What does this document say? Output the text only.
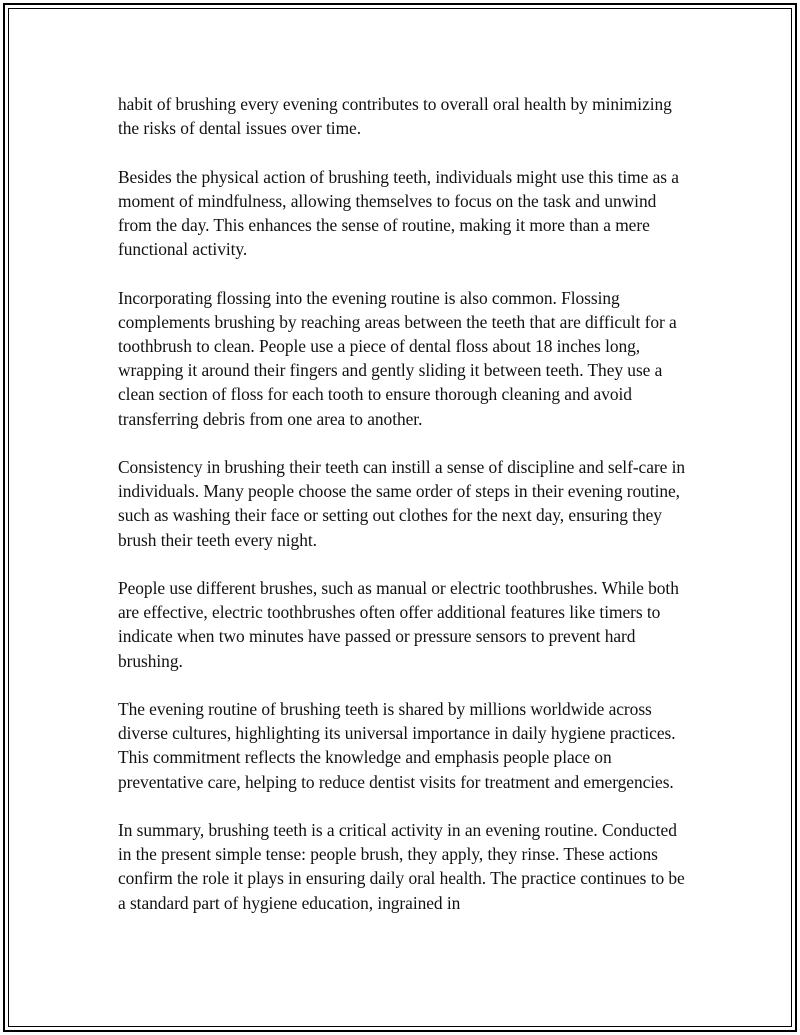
habit of brushing every evening contributes to overall oral health by minimizing the risks of dental issues over time.

Besides the physical action of brushing teeth, individuals might use this time as a moment of mindfulness, allowing themselves to focus on the task and unwind from the day. This enhances the sense of routine, making it more than a mere functional activity.

Incorporating flossing into the evening routine is also common. Flossing complements brushing by reaching areas between the teeth that are difficult for a toothbrush to clean. People use a piece of dental floss about 18 inches long, wrapping it around their fingers and gently sliding it between teeth. They use a clean section of floss for each tooth to ensure thorough cleaning and avoid transferring debris from one area to another.

Consistency in brushing their teeth can instill a sense of discipline and self-care in individuals. Many people choose the same order of steps in their evening routine, such as washing their face or setting out clothes for the next day, ensuring they brush their teeth every night.

People use different brushes, such as manual or electric toothbrushes. While both are effective, electric toothbrushes often offer additional features like timers to indicate when two minutes have passed or pressure sensors to prevent hard brushing.

The evening routine of brushing teeth is shared by millions worldwide across diverse cultures, highlighting its universal importance in daily hygiene practices. This commitment reflects the knowledge and emphasis people place on preventative care, helping to reduce dentist visits for treatment and emergencies.

In summary, brushing teeth is a critical activity in an evening routine. Conducted in the present simple tense: people brush, they apply, they rinse. These actions confirm the role it plays in ensuring daily oral health. The practice continues to be a standard part of hygiene education, ingrained in
